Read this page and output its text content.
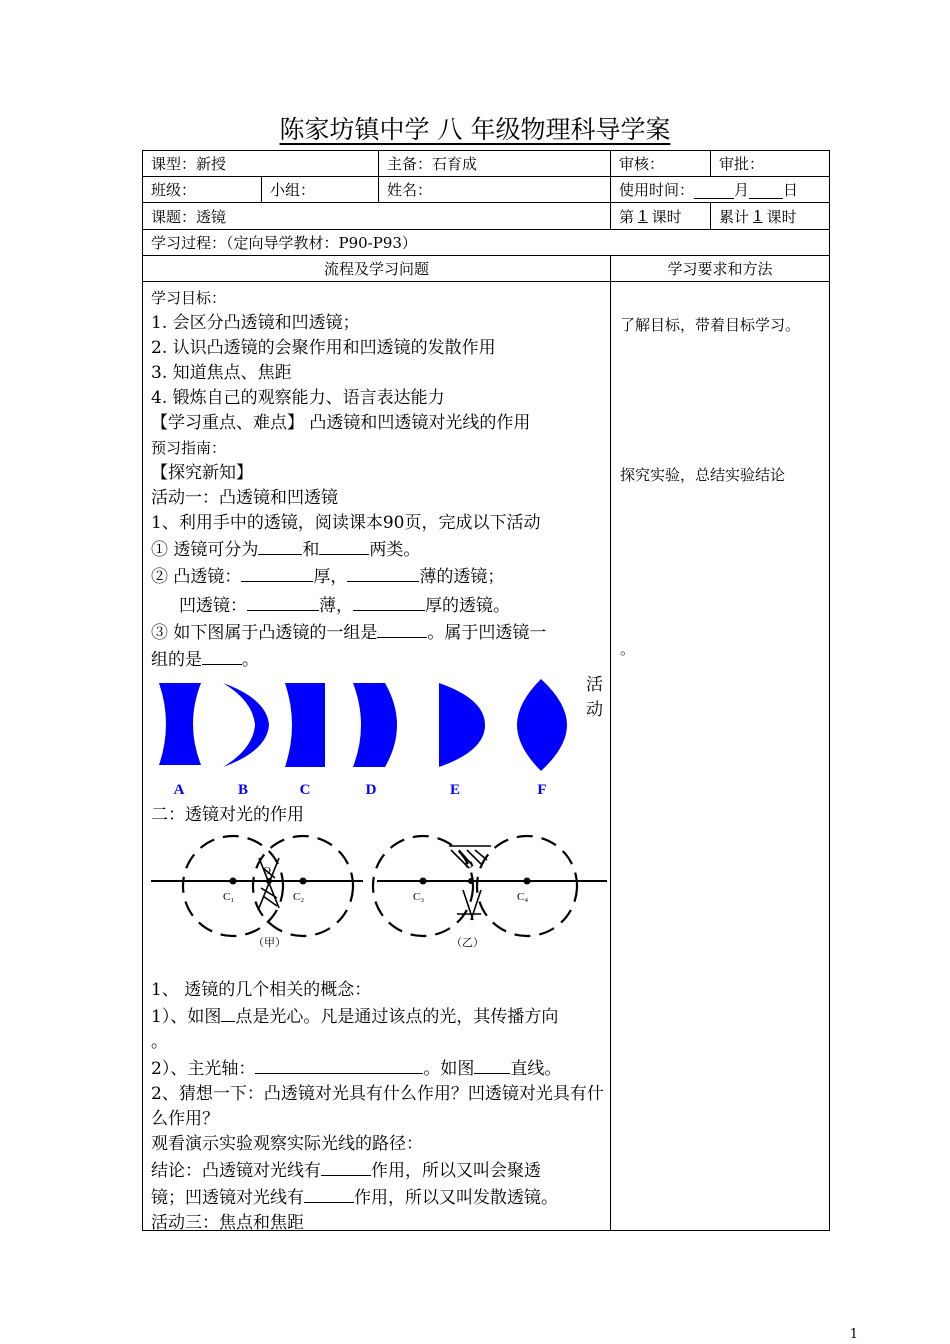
陈家坊镇中学 八 年级物理科导学案
课型：新授	主备：石育成	审核：	审批：
班级：	小组：	姓名：	使用时间：	月 日
课题：透镜	第 1 课时 累计 1 课时
学习过程：（定向导学教材：P90-P93）
流程及学习问题	学习要求和方法

学习目标：

1. 会区分凸透镜和凹透镜；

2. 认识凸透镜的会聚作用和凹透镜的发散作用

3. 知道焦点、焦距

4. 锻炼自己的观察能力、语言表达能力

【学习重点、难点】 凸透镜和凹透镜对光线的作用

预习指南：

【探究新知】

活动一：凸透镜和凹透镜

1、利用手中的透镜，阅读课本90页，完成以下活动

① 透镜可分为	和	两类。

② 凸透镜：	厚，	薄的透镜；

凹透镜：	薄，	厚的透镜。

③ 如下图属于凸透镜的一组是	。属于凹透镜一

组的是 。

A	B	C	D	E	F
活
动

二：透镜对光的作用

C₁	C₂
O
C₃	C₄
O
（甲）	（乙）

1、 透镜的几个相关的概念：

1）、如图 点是光心。凡是通过该点的光，其传播方向

。

2）、主光轴：	。如图 直线。

2、猜想一下：凸透镜对光具有什么作用？凹透镜对光具有什么作用？

观看演示实验观察实际光线的路径：

结论：凸透镜对光线有	作用，所以又叫会聚透

镜；凹透镜对光线有	作用，所以又叫发散透镜。

活动三：焦点和焦距

了解目标，带着目标学习。
探究实验，总结实验结论
。
1
